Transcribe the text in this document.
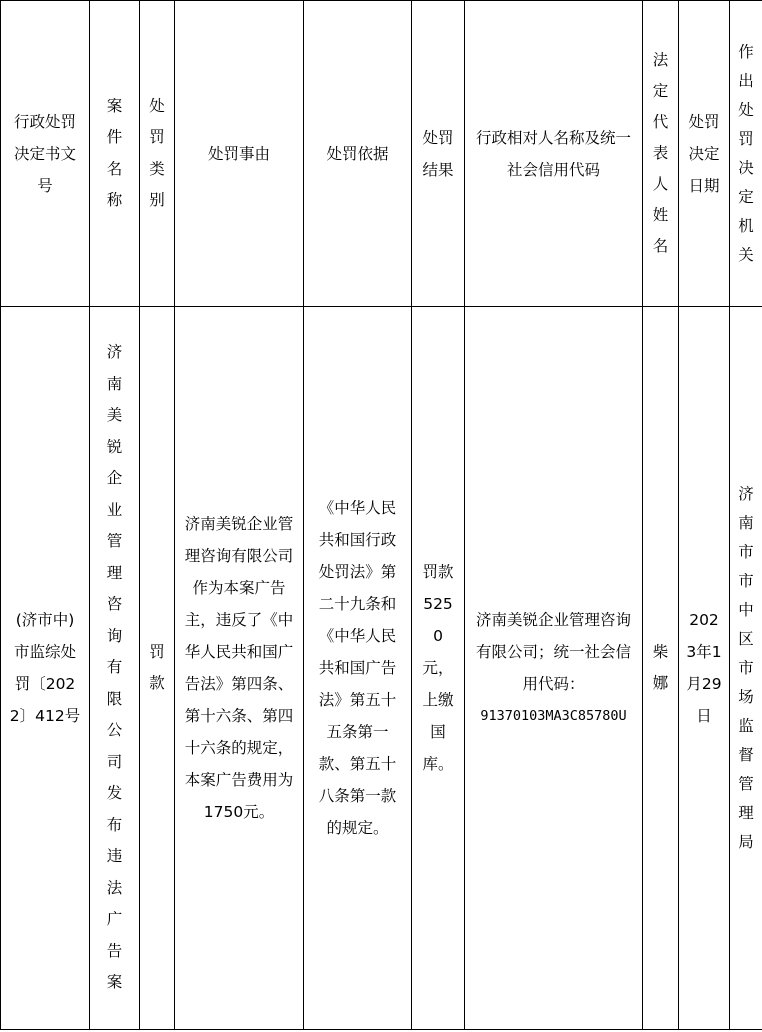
行政处罚决定书文号	案件名称	处罚类别	处罚事由	处罚依据	处罚结果	行政相对人名称及统一社会信用代码	法定代表人姓名	处罚决定日期	作出处罚决定机关

(济市中)市监综处罚〔2022〕412号	济南美锐企业管理咨询有限公司发布违法广告案	罚款	济南美锐企业管理咨询有限公司作为本案广告主，违反了《中华人民共和国广告法》第四条、第十六条、第四十六条的规定，本案广告费用为1750元。	《中华人民共和国行政处罚法》第二十九条和《中华人民共和国广告法》第五十五条第一款、第五十八条第一款的规定。	罚款5250元，上缴国库。	济南美锐企业管理咨询有限公司；统一社会信用代码：
91370103MA3C85780U	柴娜	2023年1月29日	济南市市中区市场监督管理局
